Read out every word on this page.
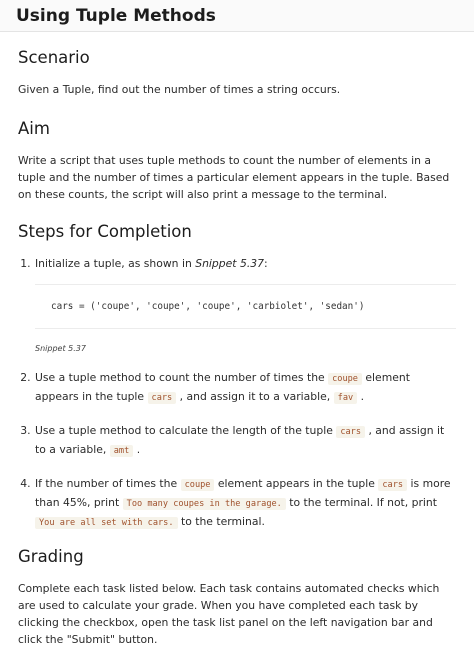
Using Tuple Methods
Scenario

Given a Tuple, find out the number of times a string occurs.

Aim

Write a script that uses tuple methods to count the number of elements in a tuple and the number of times a particular element appears in the tuple. Based on these counts, the script will also print a message to the terminal.

Steps for Completion
1. Initialize a tuple, as shown in Snippet 5.37:
cars = ('coupe', 'coupe', 'coupe', 'carbiolet', 'sedan')
Snippet 5.37
2. Use a tuple method to count the number of times the coupe element appears in the tuple cars , and assign it to a variable, fav .
3. Use a tuple method to calculate the length of the tuple cars , and assign it to a variable, amt .
4. If the number of times the coupe element appears in the tuple cars is more than 45%, print Too many coupes in the garage. to the terminal. If not, print You are all set with cars. to the terminal.
Grading

Complete each task listed below. Each task contains automated checks which are used to calculate your grade. When you have completed each task by clicking the checkbox, open the task list panel on the left navigation bar and click the "Submit" button.
